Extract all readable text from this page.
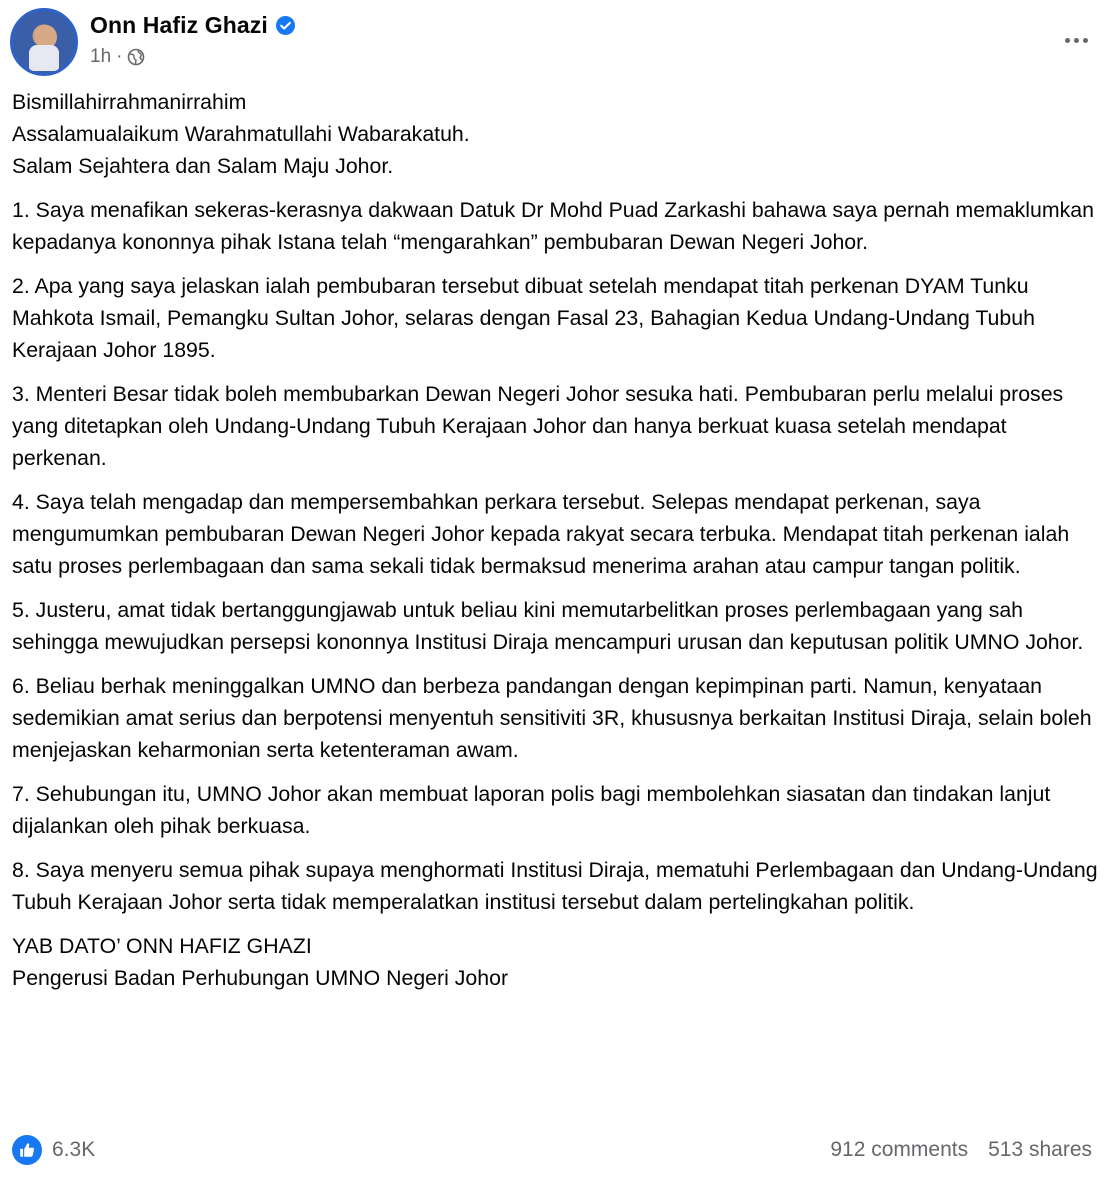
Onn Hafiz Ghazi
1h ·

Bismillahirrahmanirrahim
Assalamualaikum Warahmatullahi Wabarakatuh.
Salam Sejahtera dan Salam Maju Johor.

1. Saya menafikan sekeras-kerasnya dakwaan Datuk Dr Mohd Puad Zarkashi bahawa saya pernah memaklumkan kepadanya kononnya pihak Istana telah “mengarahkan” pembubaran Dewan Negeri Johor.

2. Apa yang saya jelaskan ialah pembubaran tersebut dibuat setelah mendapat titah perkenan DYAM Tunku Mahkota Ismail, Pemangku Sultan Johor, selaras dengan Fasal 23, Bahagian Kedua Undang-Undang Tubuh Kerajaan Johor 1895.

3. Menteri Besar tidak boleh membubarkan Dewan Negeri Johor sesuka hati. Pembubaran perlu melalui proses yang ditetapkan oleh Undang-Undang Tubuh Kerajaan Johor dan hanya berkuat kuasa setelah mendapat perkenan.

4. Saya telah mengadap dan mempersembahkan perkara tersebut. Selepas mendapat perkenan, saya mengumumkan pembubaran Dewan Negeri Johor kepada rakyat secara terbuka. Mendapat titah perkenan ialah satu proses perlembagaan dan sama sekali tidak bermaksud menerima arahan atau campur tangan politik.

5. Justeru, amat tidak bertanggungjawab untuk beliau kini memutarbelitkan proses perlembagaan yang sah sehingga mewujudkan persepsi kononnya Institusi Diraja mencampuri urusan dan keputusan politik UMNO Johor.

6. Beliau berhak meninggalkan UMNO dan berbeza pandangan dengan kepimpinan parti. Namun, kenyataan sedemikian amat serius dan berpotensi menyentuh sensitiviti 3R, khususnya berkaitan Institusi Diraja, selain boleh menjejaskan keharmonian serta ketenteraman awam.

7. Sehubungan itu, UMNO Johor akan membuat laporan polis bagi membolehkan siasatan dan tindakan lanjut dijalankan oleh pihak berkuasa.

8. Saya menyeru semua pihak supaya menghormati Institusi Diraja, mematuhi Perlembagaan dan Undang-Undang Tubuh Kerajaan Johor serta tidak memperalatkan institusi tersebut dalam pertelingkahan politik.

YAB DATO’ ONN HAFIZ GHAZI
Pengerusi Badan Perhubungan UMNO Negeri Johor

6.3K	912 comments 513 shares
